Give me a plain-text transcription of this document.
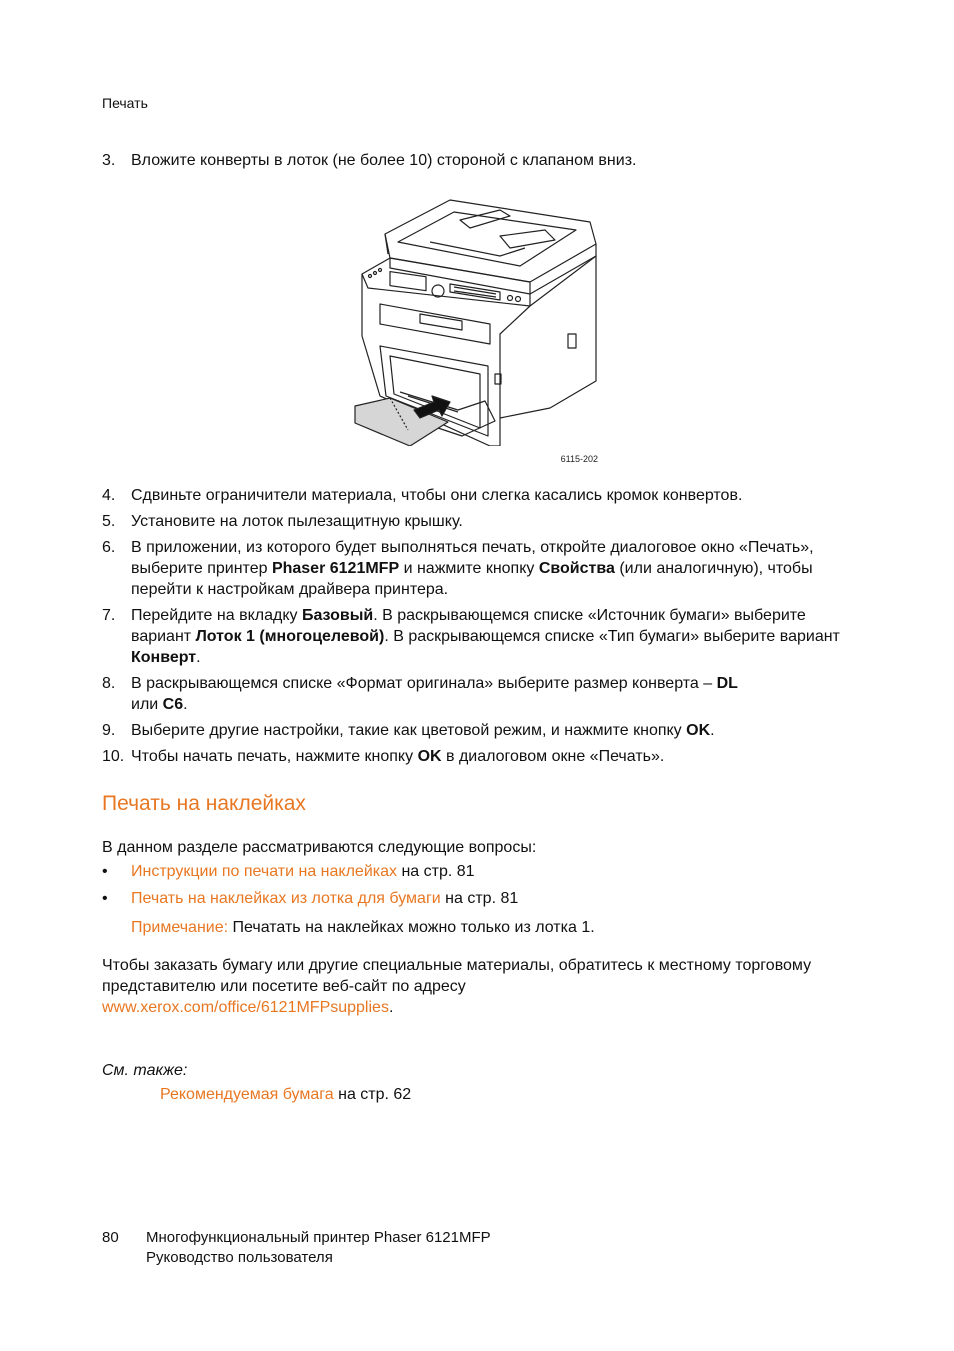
Печать
3. Вложите конверты в лоток (не более 10) стороной с клапаном вниз.
6115-202
4. Сдвиньте ограничители материала, чтобы они слегка касались кромок конвертов.
5. Установите на лоток пылезащитную крышку.
6. В приложении, из которого будет выполняться печать, откройте диалоговое окно «Печать», выберите принтер Phaser 6121MFP и нажмите кнопку Свойства (или аналогичную), чтобы перейти к настройкам драйвера принтера.
7. Перейдите на вкладку Базовый. В раскрывающемся списке «Источник бумаги» выберите вариант Лоток 1 (многоцелевой). В раскрывающемся списке «Тип бумаги» выберите вариант Конверт.
8. В раскрывающемся списке «Формат оригинала» выберите размер конверта – DL
или C6.
9. Выберите другие настройки, такие как цветовой режим, и нажмите кнопку OK.
10. Чтобы начать печать, нажмите кнопку OK в диалоговом окне «Печать».
Печать на наклейках
В данном разделе рассматриваются следующие вопросы:
• Инструкции по печати на наклейках на стр. 81
• Печать на наклейках из лотка для бумаги на стр. 81
Примечание: Печатать на наклейках можно только из лотка 1.
Чтобы заказать бумагу или другие специальные материалы, обратитесь к местному торговому представителю или посетите веб-сайт по адресу
www.xerox.com/office/6121MFPsupplies.
См. также:
Рекомендуемая бумага на стр. 62
80 Многофункциональный принтер Phaser 6121MFP
Руководство пользователя
